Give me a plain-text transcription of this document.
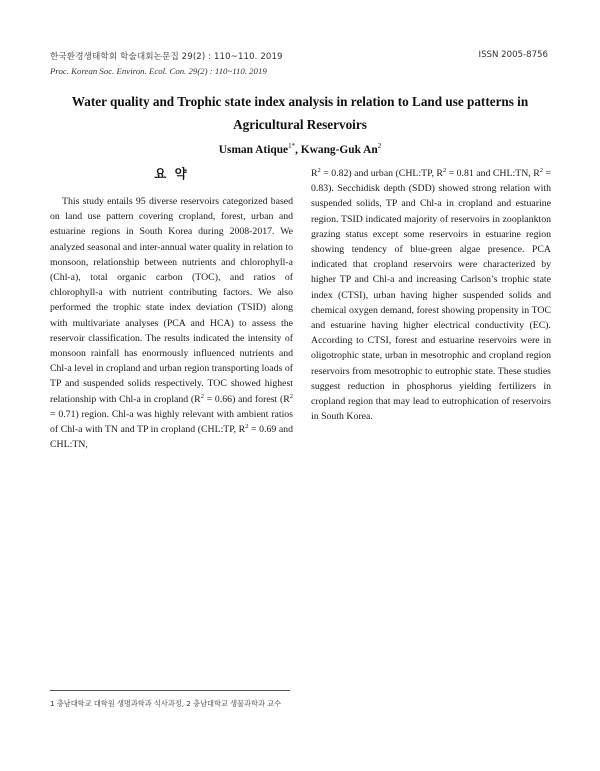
한국환경생태학회 학술대회논문집 29(2) : 110~110. 2019	ISSN 2005-8756
Proc. Korean Soc. Environ. Ecol. Con. 29(2) : 110~110. 2019
Water quality and Trophic state index analysis in relation to Land use patterns in Agricultural Reservoirs
Usman Atique$^{1*}$, Kwang-Guk An$^2$
요 약

This study entails 95 diverse reservoirs categorized based on land use pattern covering cropland, forest, urban and estuarine regions in South Korea during 2008-2017. We analyzed seasonal and inter-annual water quality in relation to monsoon, relationship between nutrients and chlorophyll-a (Chl-a), total organic carbon (TOC), and ratios of chlorophyll-a with nutrient contributing factors. We also performed the trophic state index deviation (TSID) along with multivariate analyses (PCA and HCA) to assess the reservoir classification. The results indicated the intensity of monsoon rainfall has enormously influenced nutrients and Chl-a level in cropland and urban region transporting loads of TP and suspended solids respectively. TOC showed highest relationship with Chl-a in cropland $(R^2 = 0.66)$ and forest $(R^2 = 0.71)$ region. Chl-a was highly relevant with ambient ratios of Chl-a with TN and TP in cropland (CHL:TP, $R^2 = 0.69$ and CHL:TN,

$R^2 = 0.82$) and urban (CHL:TP, $R^2 = 0.81$ and CHL:TN, $R^2 = 0.83$). Secchidisk depth (SDD) showed strong relation with suspended solids, TP and Chl-a in cropland and estuarine region. TSID indicated majority of reservoirs in zooplankton grazing status except some reservoirs in estuarine region showing tendency of blue-green algae presence. PCA indicated that cropland reservoirs were characterized by higher TP and Chl-a and increasing Carlson’s trophic state index (CTSI), urban having higher suspended solids and chemical oxygen demand, forest showing propensity in TOC and estuarine having higher electrical conductivity (EC). According to CTSI, forest and estuarine reservoirs were in oligotrophic state, urban in mesotrophic and cropland region reservoirs from mesotrophic to eutrophic state. These studies suggest reduction in phosphorus yielding fertilizers in cropland region that may lead to eutrophication of reservoirs in South Korea.

1 충남대학교 대학원 생명과학과 석사과정, 2 충남대학교 생물과학과 교수
